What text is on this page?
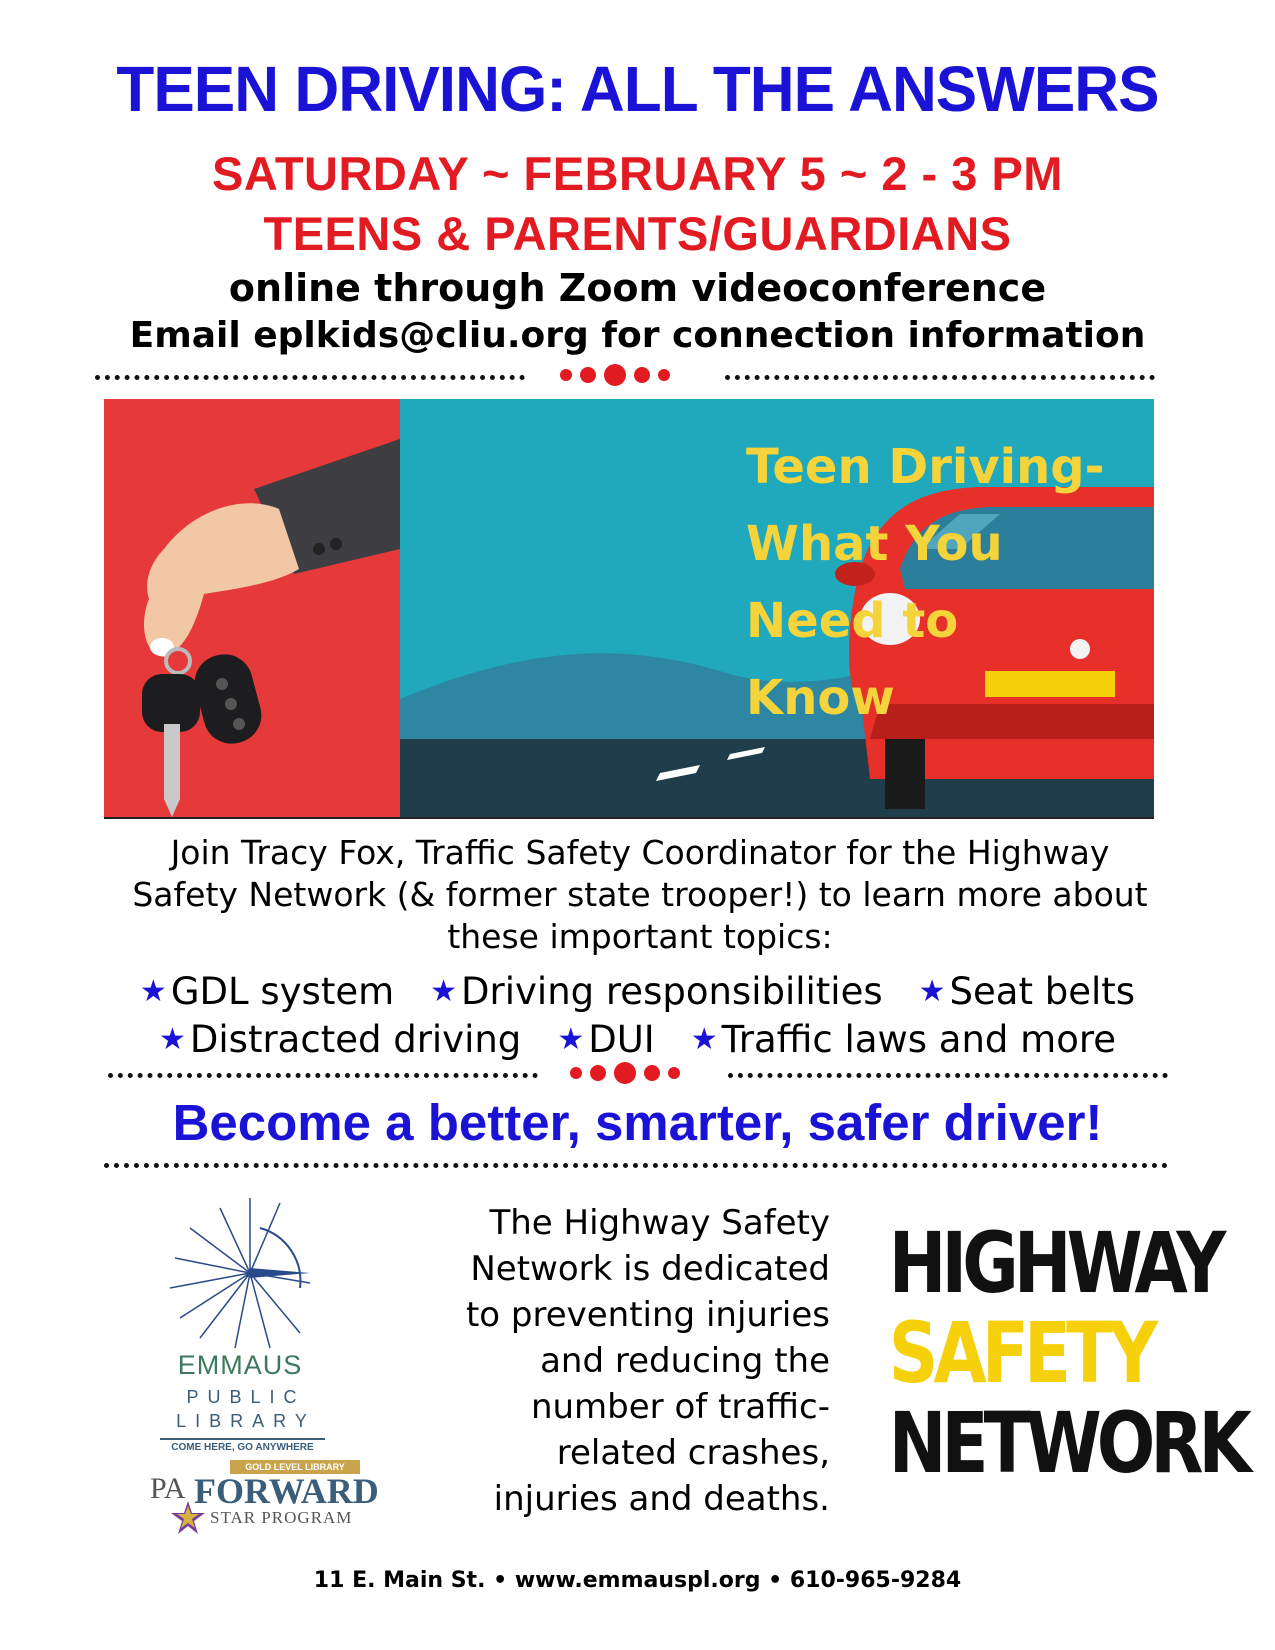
TEEN DRIVING: ALL THE ANSWERS
SATURDAY ~ FEBRUARY 5 ~ 2 - 3 PM
TEENS & PARENTS/GUARDIANS
online through Zoom videoconference
Email eplkids@cliu.org for connection information
Teen Driving-
What You
Need to
Know
Join Tracy Fox, Traffic Safety Coordinator for the Highway Safety Network (& former state trooper!) to learn more about these important topics:
★ GDL system ★ Driving responsibilities ★ Seat belts
★ Distracted driving ★ DUI ★ Traffic laws and more
Become a better, smarter, safer driver!
EMMAUS
PUBLIC
LIBRARY
COME HERE, GO ANYWHERE
GOLD LEVEL LIBRARY
PA FORWARD
STAR PROGRAM
The Highway Safety
Network is dedicated
to preventing injuries
and reducing the
number of traffic-
related crashes,
injuries and deaths.
HIGHWAY
SAFETY
NETWORK
11 E. Main St. • www.emmauspl.org • 610-965-9284
